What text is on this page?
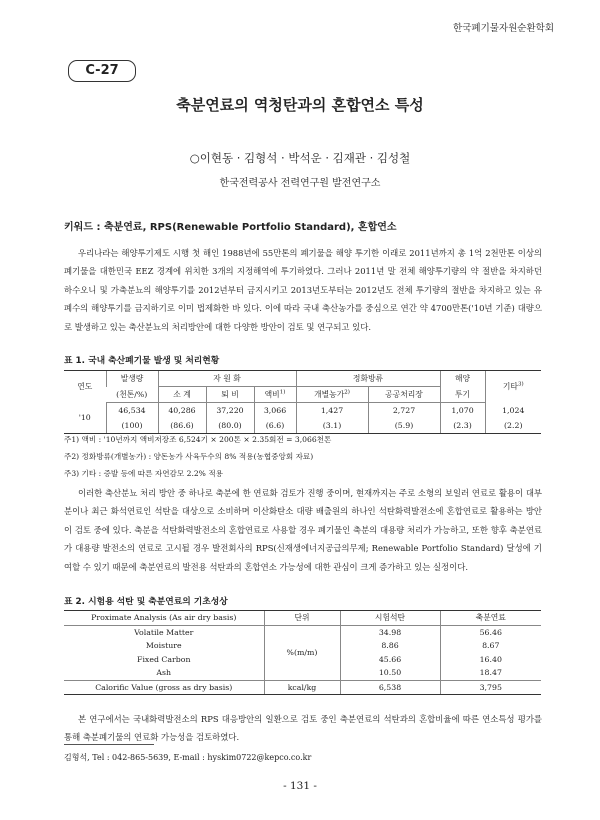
한국폐기물자원순환학회
C-27
축분연료의 역청탄과의 혼합연소 특성
○이현동 · 김형석 · 박석운 · 김재관 · 김성철
한국전력공사 전력연구원 발전연구소
키워드 : 축분연료, RPS(Renewable Portfolio Standard), 혼합연소

우리나라는 해양투기제도 시행 첫 해인 1988년에 55만톤의 폐기물을 해양 투기한 이래로 2011년까지 총 1억 2천만톤 이상의 폐기물을 대한민국 EEZ 경계에 위치한 3개의 지정해역에 투기하였다. 그러나 2011년 말 전체 해양투기량의 약 절반을 차지하던 하수오니 및 가축분뇨의 해양투기를 2012년부터 금지시키고 2013년도부터는 2012년도 전체 투기량의 절반을 차지하고 있는 유폐수의 해양투기를 금지하기로 이미 법제화한 바 있다. 이에 따라 국내 축산농가를 중심으로 연간 약 4700만톤('10년 기준) 대량으로 발생하고 있는 축산분뇨의 처리방안에 대한 다양한 방안이 검토 및 연구되고 있다.

표 1. 국내 축산폐기물 발생 및 처리현황
연도	발생량	자 원 화			정화방류		해양	기타$^{3)}$
	(천톤/%)	소 계	퇴 비	액비$^{1)}$	개별농가$^{2)}$	공공처리장	투기	
'10	46,534	40,286	37,220	3,066	1,427	2,727	1,070	1,024
	(100)	(86.6)	(80.0)	(6.6)	(3.1)	(5.9)	(2.3)	(2.2)
주1) 액비 : '10년까지 액비저장조 6,524기 × 200톤 × 2.35회전 = 3,066천톤
주2) 정화방류(개별농가) : 양돈농가 사육두수의 8% 적용(농협중앙회 자료)
주3) 기타 : 증발 등에 따른 자연감모 2.2% 적용

이러한 축산분뇨 처리 방안 중 하나로 축분에 한 연료화 검토가 진행 중이며, 현재까지는 주로 소형의 보일러 연료로 활용이 대부분이나 최근 화석연료인 석탄을 대상으로 소비하며 이산화탄소 대량 배출원의 하나인 석탄화력발전소에 혼합연료로 활용하는 방안이 검토 중에 있다. 축분을 석탄화력발전소의 혼합연료로 사용할 경우 폐기물인 축분의 대용량 처리가 가능하고, 또한 향후 축분연료가 대용량 발전소의 연료로 고시될 경우 발전회사의 RPS(신재생에너지공급의무제; Renewable Portfolio Standard) 달성에 기여할 수 있기 때문에 축분연료의 발전용 석탄과의 혼합연소 가능성에 대한 관심이 크게 증가하고 있는 실정이다.

표 2. 시험용 석탄 및 축분연료의 기초성상
Proximate Analysis (As air dry basis)	단위	시험석탄	축분연료
Volatile Matter	%(m/m)	34.98	56.46
Moisture		8.86	8.67
Fixed Carbon		45.66	16.40
Ash		10.50	18.47
Calorific Value (gross as dry basis)	kcal/kg	6,538	3,795

본 연구에서는 국내화력발전소의 RPS 대응방안의 일환으로 검토 중인 축분연료의 석탄과의 혼합비율에 따른 연소특성 평가를 통해 축분폐기물의 연료화 가능성을 검토하였다.

김형석, Tel : 042-865-5639, E-mail : hyskim0722@kepco.co.kr
- 131 -
